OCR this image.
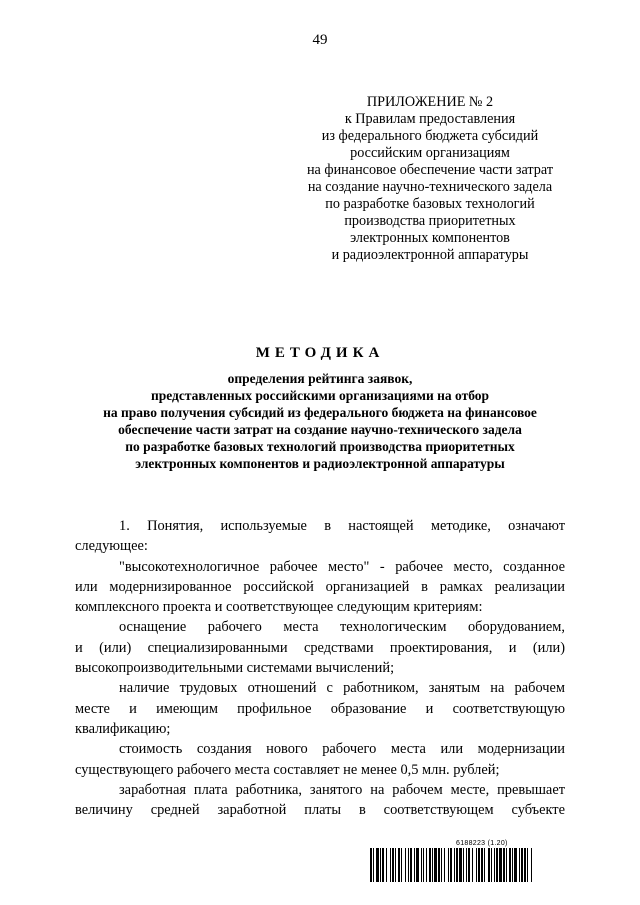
49
ПРИЛОЖЕНИЕ № 2
к Правилам предоставления
из федерального бюджета субсидий
российским организациям
на финансовое обеспечение части затрат
на создание научно-технического задела
по разработке базовых технологий
производства приоритетных
электронных компонентов
и радиоэлектронной аппаратуры
МЕТОДИКА
определения рейтинга заявок,
представленных российскими организациями на отбор
на право получения субсидий из федерального бюджета на финансовое
обеспечение части затрат на создание научно-технического задела
по разработке базовых технологий производства приоритетных
электронных компонентов и радиоэлектронной аппаратуры
1. Понятия, используемые в настоящей методике, означают
следующее:
"высокотехнологичное рабочее место" - рабочее место, созданное
или модернизированное российской организацией в рамках реализации
комплексного проекта и соответствующее следующим критериям:
оснащение рабочего места технологическим оборудованием,
и (или) специализированными средствами проектирования, и (или)
высокопроизводительными системами вычислений;
наличие трудовых отношений с работником, занятым на рабочем
месте и имеющим профильное образование и соответствующую
квалификацию;
стоимость создания нового рабочего места или модернизации
существующего рабочего места составляет не менее 0,5 млн. рублей;
заработная плата работника, занятого на рабочем месте, превышает
величину средней заработной платы в соответствующем субъекте
6188223 (1.20)
